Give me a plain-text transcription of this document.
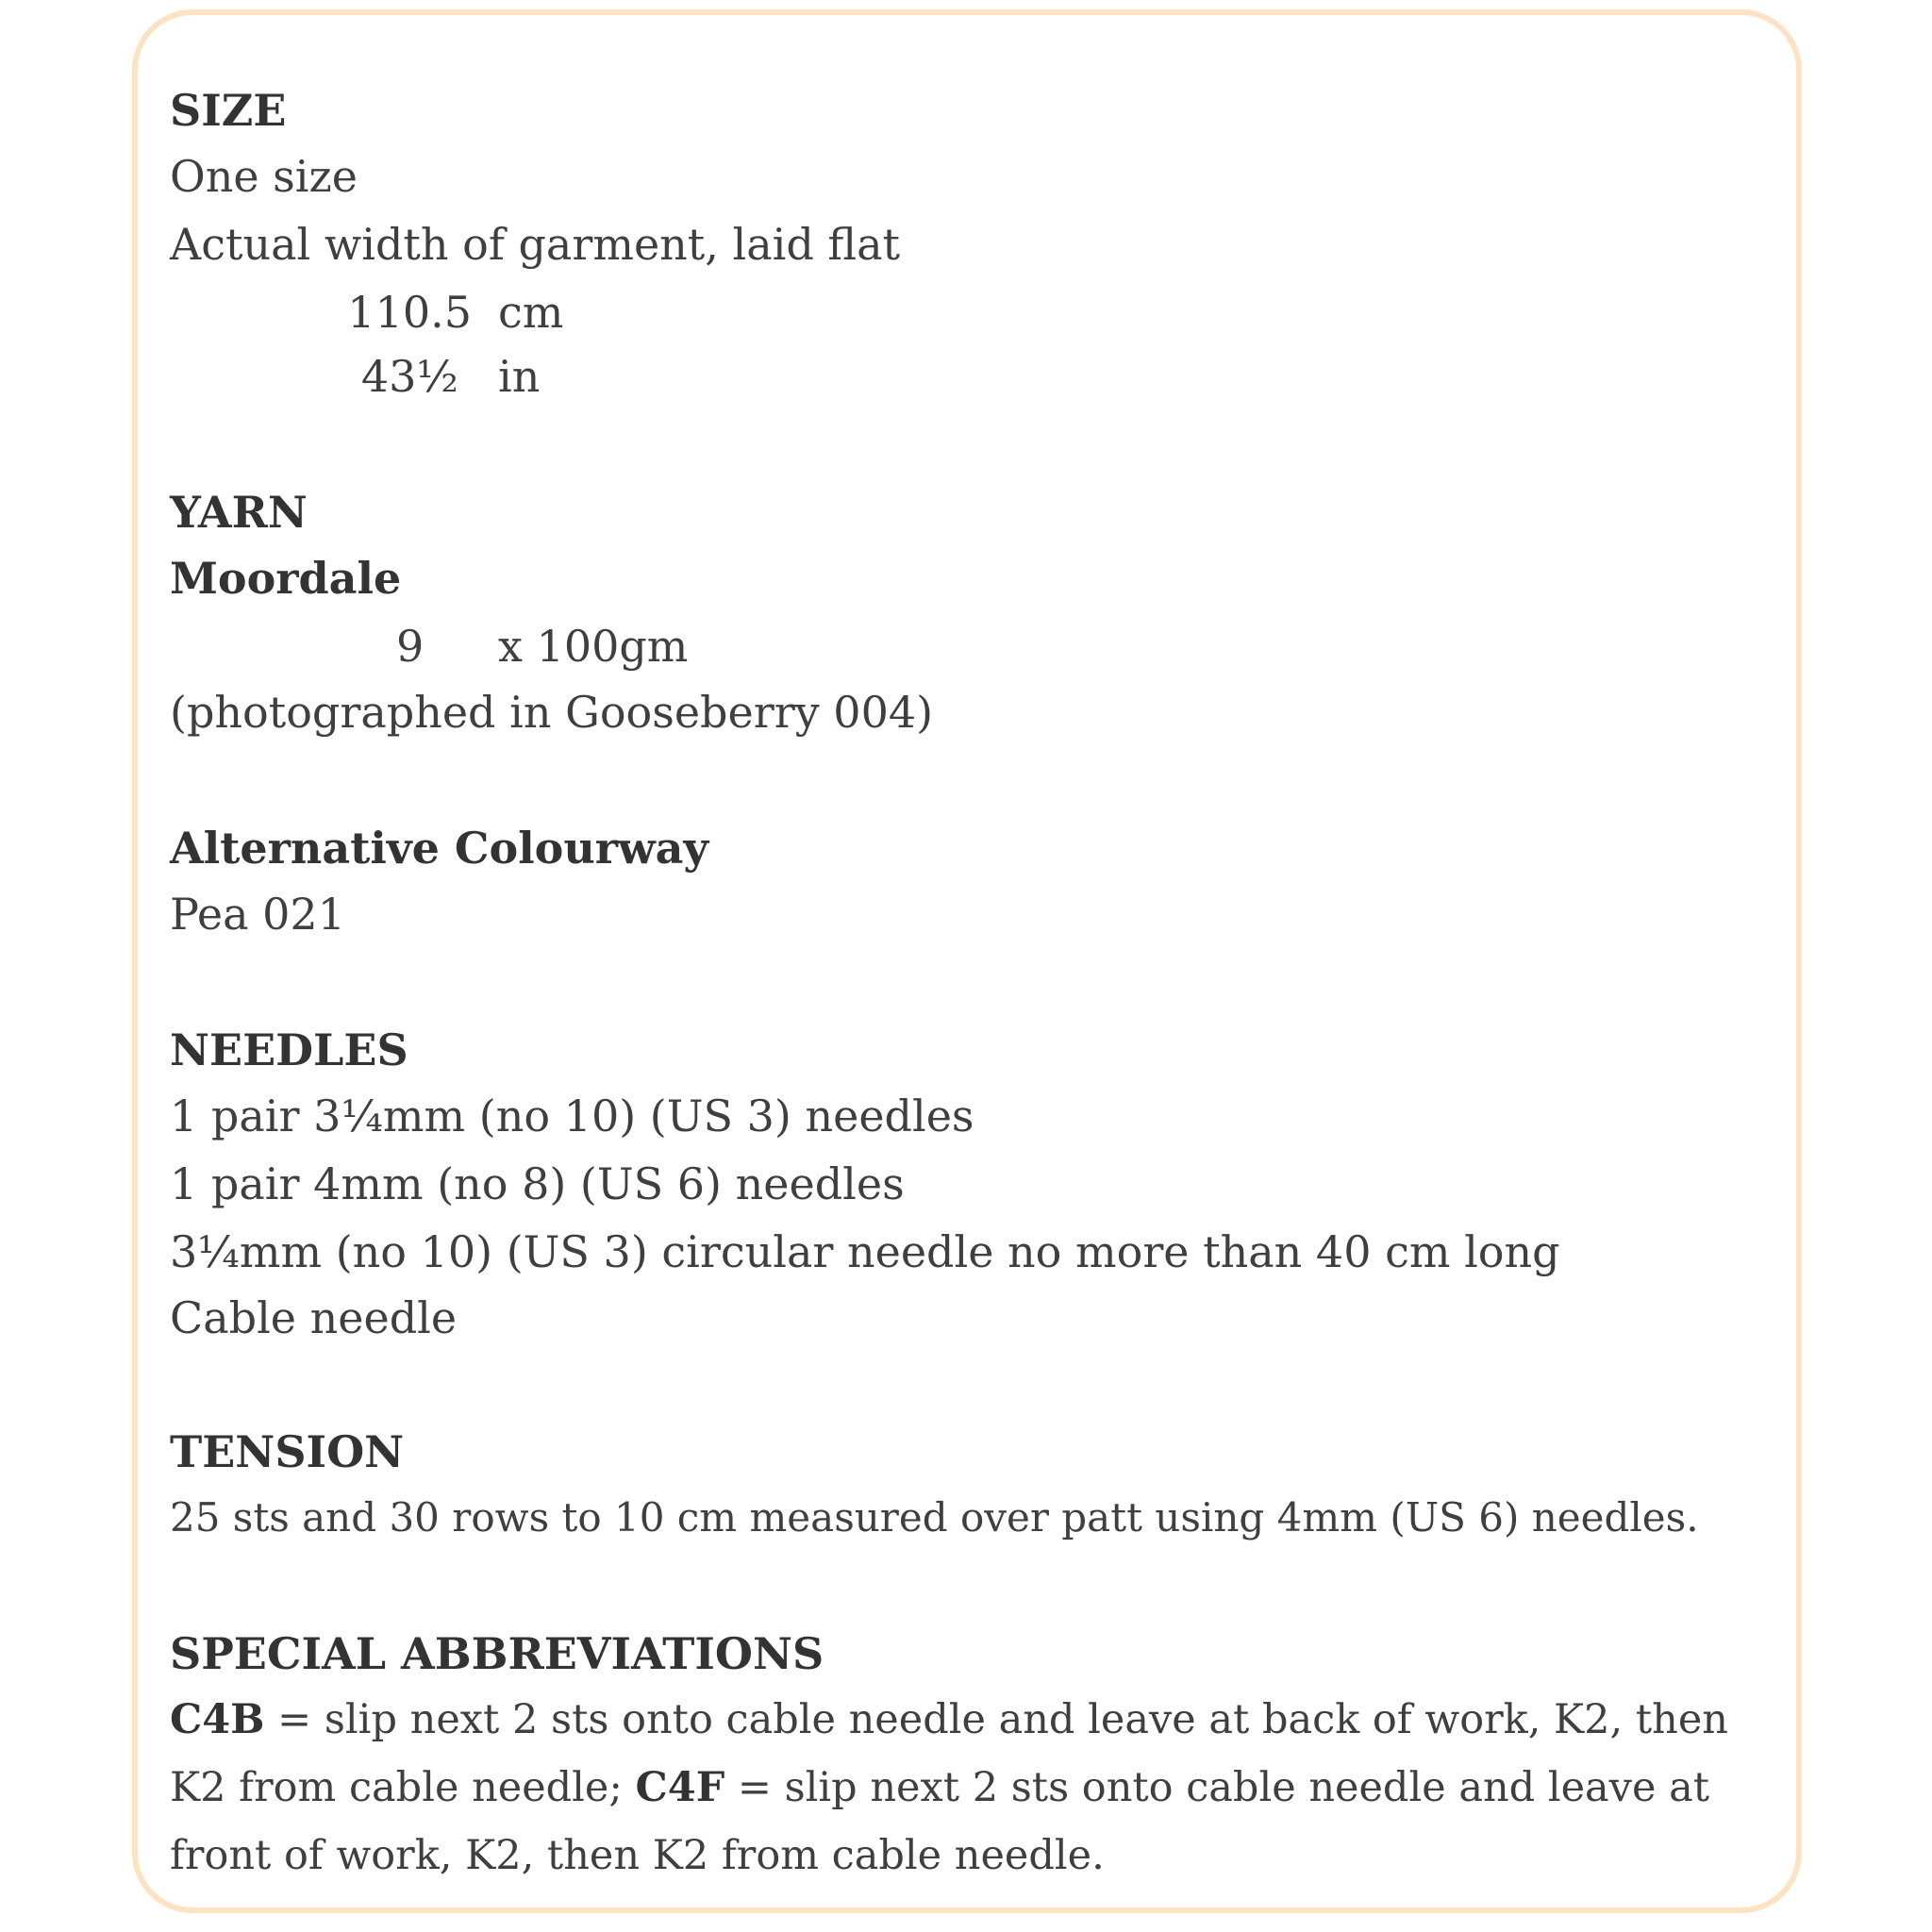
SIZE
One size
Actual width of garment, laid flat
110.5 cm
43½ in
YARN
Moordale
9 x 100gm
(photographed in Gooseberry 004)
Alternative Colourway
Pea 021
NEEDLES
1 pair 3¼mm (no 10) (US 3) needles
1 pair 4mm (no 8) (US 6) needles
3¼mm (no 10) (US 3) circular needle no more than 40 cm long
Cable needle
TENSION
25 sts and 30 rows to 10 cm measured over patt using 4mm (US 6) needles.
SPECIAL ABBREVIATIONS
C4B = slip next 2 sts onto cable needle and leave at back of work, K2, then
K2 from cable needle; C4F = slip next 2 sts onto cable needle and leave at
front of work, K2, then K2 from cable needle.
